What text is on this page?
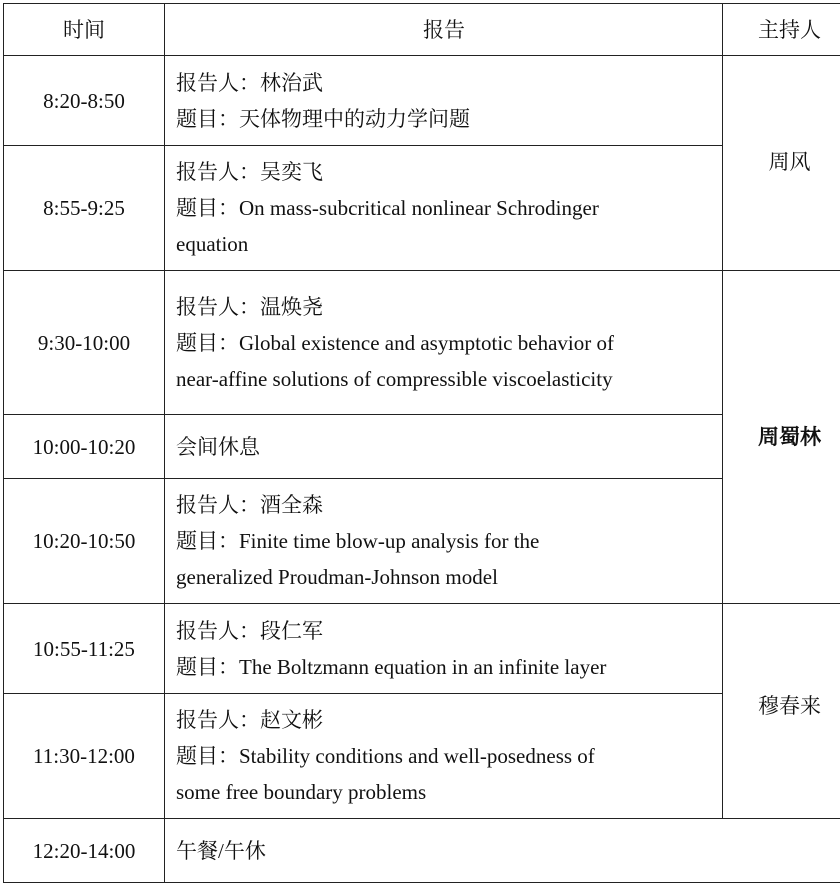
时间	报告	主持人
8:20-8:50	报告人：林治武
题目：天体物理中的动力学问题	周风
8:55-9:25	报告人：吴奕飞
题目：On mass-subcritical nonlinear Schrodinger
equation	

9:30-10:00	报告人：温焕尧
题目：Global existence and asymptotic behavior of
near-affine solutions of compressible viscoelasticity	周蜀林
10:00-10:20	会间休息	
10:20-10:50	报告人：酒全森
题目：Finite time blow-up analysis for the
generalized Proudman-Johnson model	

10:55-11:25	报告人：段仁军
题目：The Boltzmann equation in an infinite layer	穆春来
11:30-12:00	报告人：赵文彬
题目：Stability conditions and well-posedness of
some free boundary problems	

12:20-14:00	午餐/午休	
